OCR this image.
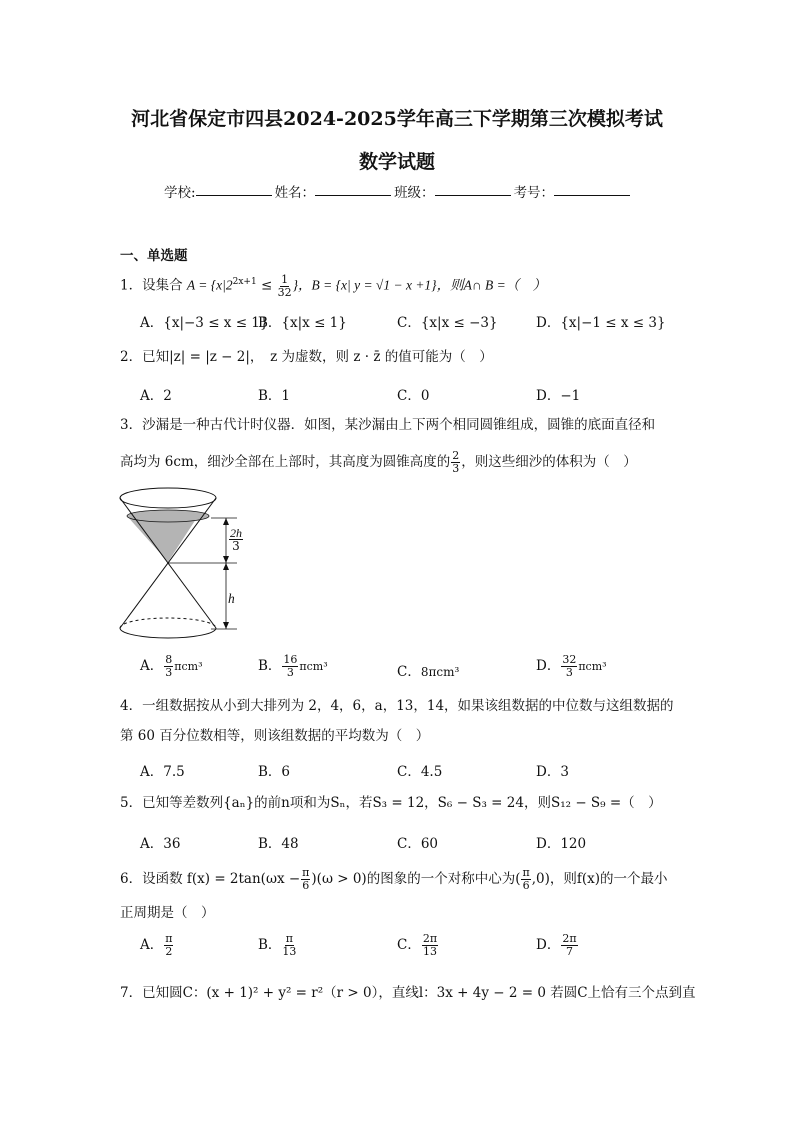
河北省保定市四县2024-2025学年高三下学期第三次模拟考试
数学试题
学校:	姓名：	班级：	考号：
一、单选题
1．设集合 $A = \{x|2^{2x+1} \le \frac{1}{32}$ }，B = {x| y = √1 − x +1}，则A∩ B =（　）
A．{x|−3 ≤ x ≤ 1}
B．{x|x ≤ 1}	C．{x|x ≤ −3}	D．{x|−1 ≤ x ≤ 3}
2．已知|z| = |z − 2|，　z 为虚数，则 z · z̄ 的值可能为（　）
A．2	B．1	C．0	D．−1
3．沙漏是一种古代计时仪器．如图，某沙漏由上下两个相同圆锥组成，圆锥的底面直径和
高均为 6cm，细沙全部在上部时，其高度为圆锥高度的 $\frac{2}{3}$ ，则这些细沙的体积为（　）
$\frac{2h}{3}$
h
A． $\frac{8}{3} \pi cm^3$	B． $\frac{16}{3} \pi cm^3$	C．8πcm³	D． $\frac{32}{3} \pi cm^3$
4．一组数据按从小到大排列为 2，4，6，a，13，14，如果该组数据的中位数与这组数据的
第 60 百分位数相等，则该组数据的平均数为（　）
A．7.5	B．6	C．4.5	D．3
5．已知等差数列{aₙ}的前n项和为Sₙ，若S₃ = 12，S₆ − S₃ = 24，则S₁₂ − S₉ =（　）
A．36	B．48	C．60	D．120
6．设函数 $f(x) = 2\tan(\omega x - \frac{\pi}{6} )(\omega > 0)$的图象的一个对称中心为( $\frac{\pi}{6} ,0$)，则f(x)的一个最小
正周期是（　）
A． $\frac{\pi}{2}$	B． $\frac{\pi}{13}$	C． $\frac{2\pi}{13}$	D． $\frac{2\pi}{7}$
7．已知圆C：(x + 1)² + y² = r²（r > 0），直线l：3x + 4y − 2 = 0 若圆C上恰有三个点到直
